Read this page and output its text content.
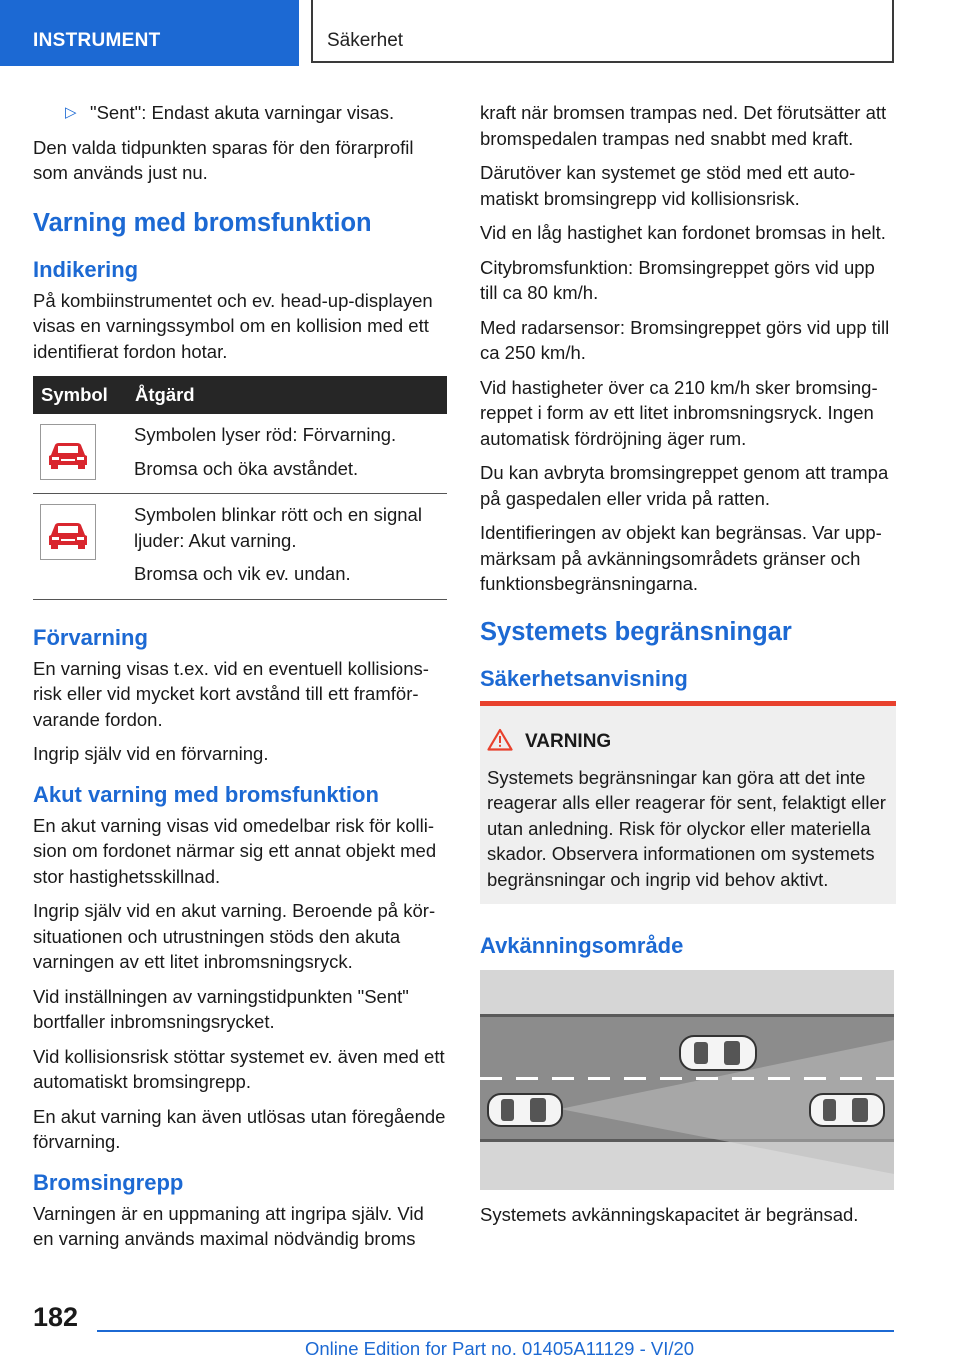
INSTRUMENT	Säkerhet

▷ "Sent": Endast akuta varningar visas.

Den valda tidpunkten sparas för den förarprofil som används just nu.

Varning med bromsfunktion
Indikering

På kombiinstrumentet och ev. head-up-displayen visas en varningssymbol om en kollision med ett identifierat fordon hotar.

Symbol	Åtgärd

Symbolen lyser röd: Förvarning.

Bromsa och öka avståndet.

Symbolen blinkar rött och en signal ljuder: Akut varning.

Bromsa och vik ev. undan.

Förvarning

En varning visas t.ex. vid en eventuell kollisionsrisk eller vid mycket kort avstånd till ett framförvarande fordon.

Ingrip själv vid en förvarning.

Akut varning med bromsfunktion

En akut varning visas vid omedelbar risk för kollision om fordonet närmar sig ett annat objekt med stor hastighetsskillnad.

Ingrip själv vid en akut varning. Beroende på körsituationen och utrustningen stöds den akuta varningen av ett litet inbromsningsryck.

Vid inställningen av varningstidpunkten "Sent" bortfaller inbromsningsrycket.

Vid kollisionsrisk stöttar systemet ev. även med ett automatiskt bromsingrepp.

En akut varning kan även utlösas utan föregående förvarning.

Bromsingrepp

Varningen är en uppmaning att ingripa själv. Vid en varning används maximal nödvändig broms

kraft när bromsen trampas ned. Det förutsätter att bromspedalen trampas ned snabbt med kraft.

Därutöver kan systemet ge stöd med ett automatiskt bromsingrepp vid kollisionsrisk.

Vid en låg hastighet kan fordonet bromsas in helt.

Citybromsfunktion: Bromsingreppet görs vid upp till ca 80 km/h.

Med radarsensor: Bromsingreppet görs vid upp till ca 250 km/h.

Vid hastigheter över ca 210 km/h sker bromsingreppet i form av ett litet inbromsningsryck. Ingen automatisk fördröjning äger rum.

Du kan avbryta bromsingreppet genom att trampa på gaspedalen eller vrida på ratten.

Identifieringen av objekt kan begränsas. Var uppmärksam på avkänningsområdets gränser och funktionsbegränsningarna.

Systemets begränsningar
Säkerhetsanvisning
VARNING

Systemets begränsningar kan göra att det inte reagerar alls eller reagerar för sent, felaktigt eller utan anledning. Risk för olyckor eller materiella skador. Observera informationen om systemets begränsningar och ingrip vid behov aktivt.

Avkänningsområde

Systemets avkänningskapacitet är begränsad.

182
Online Edition for Part no. 01405A11129 - VI/20
